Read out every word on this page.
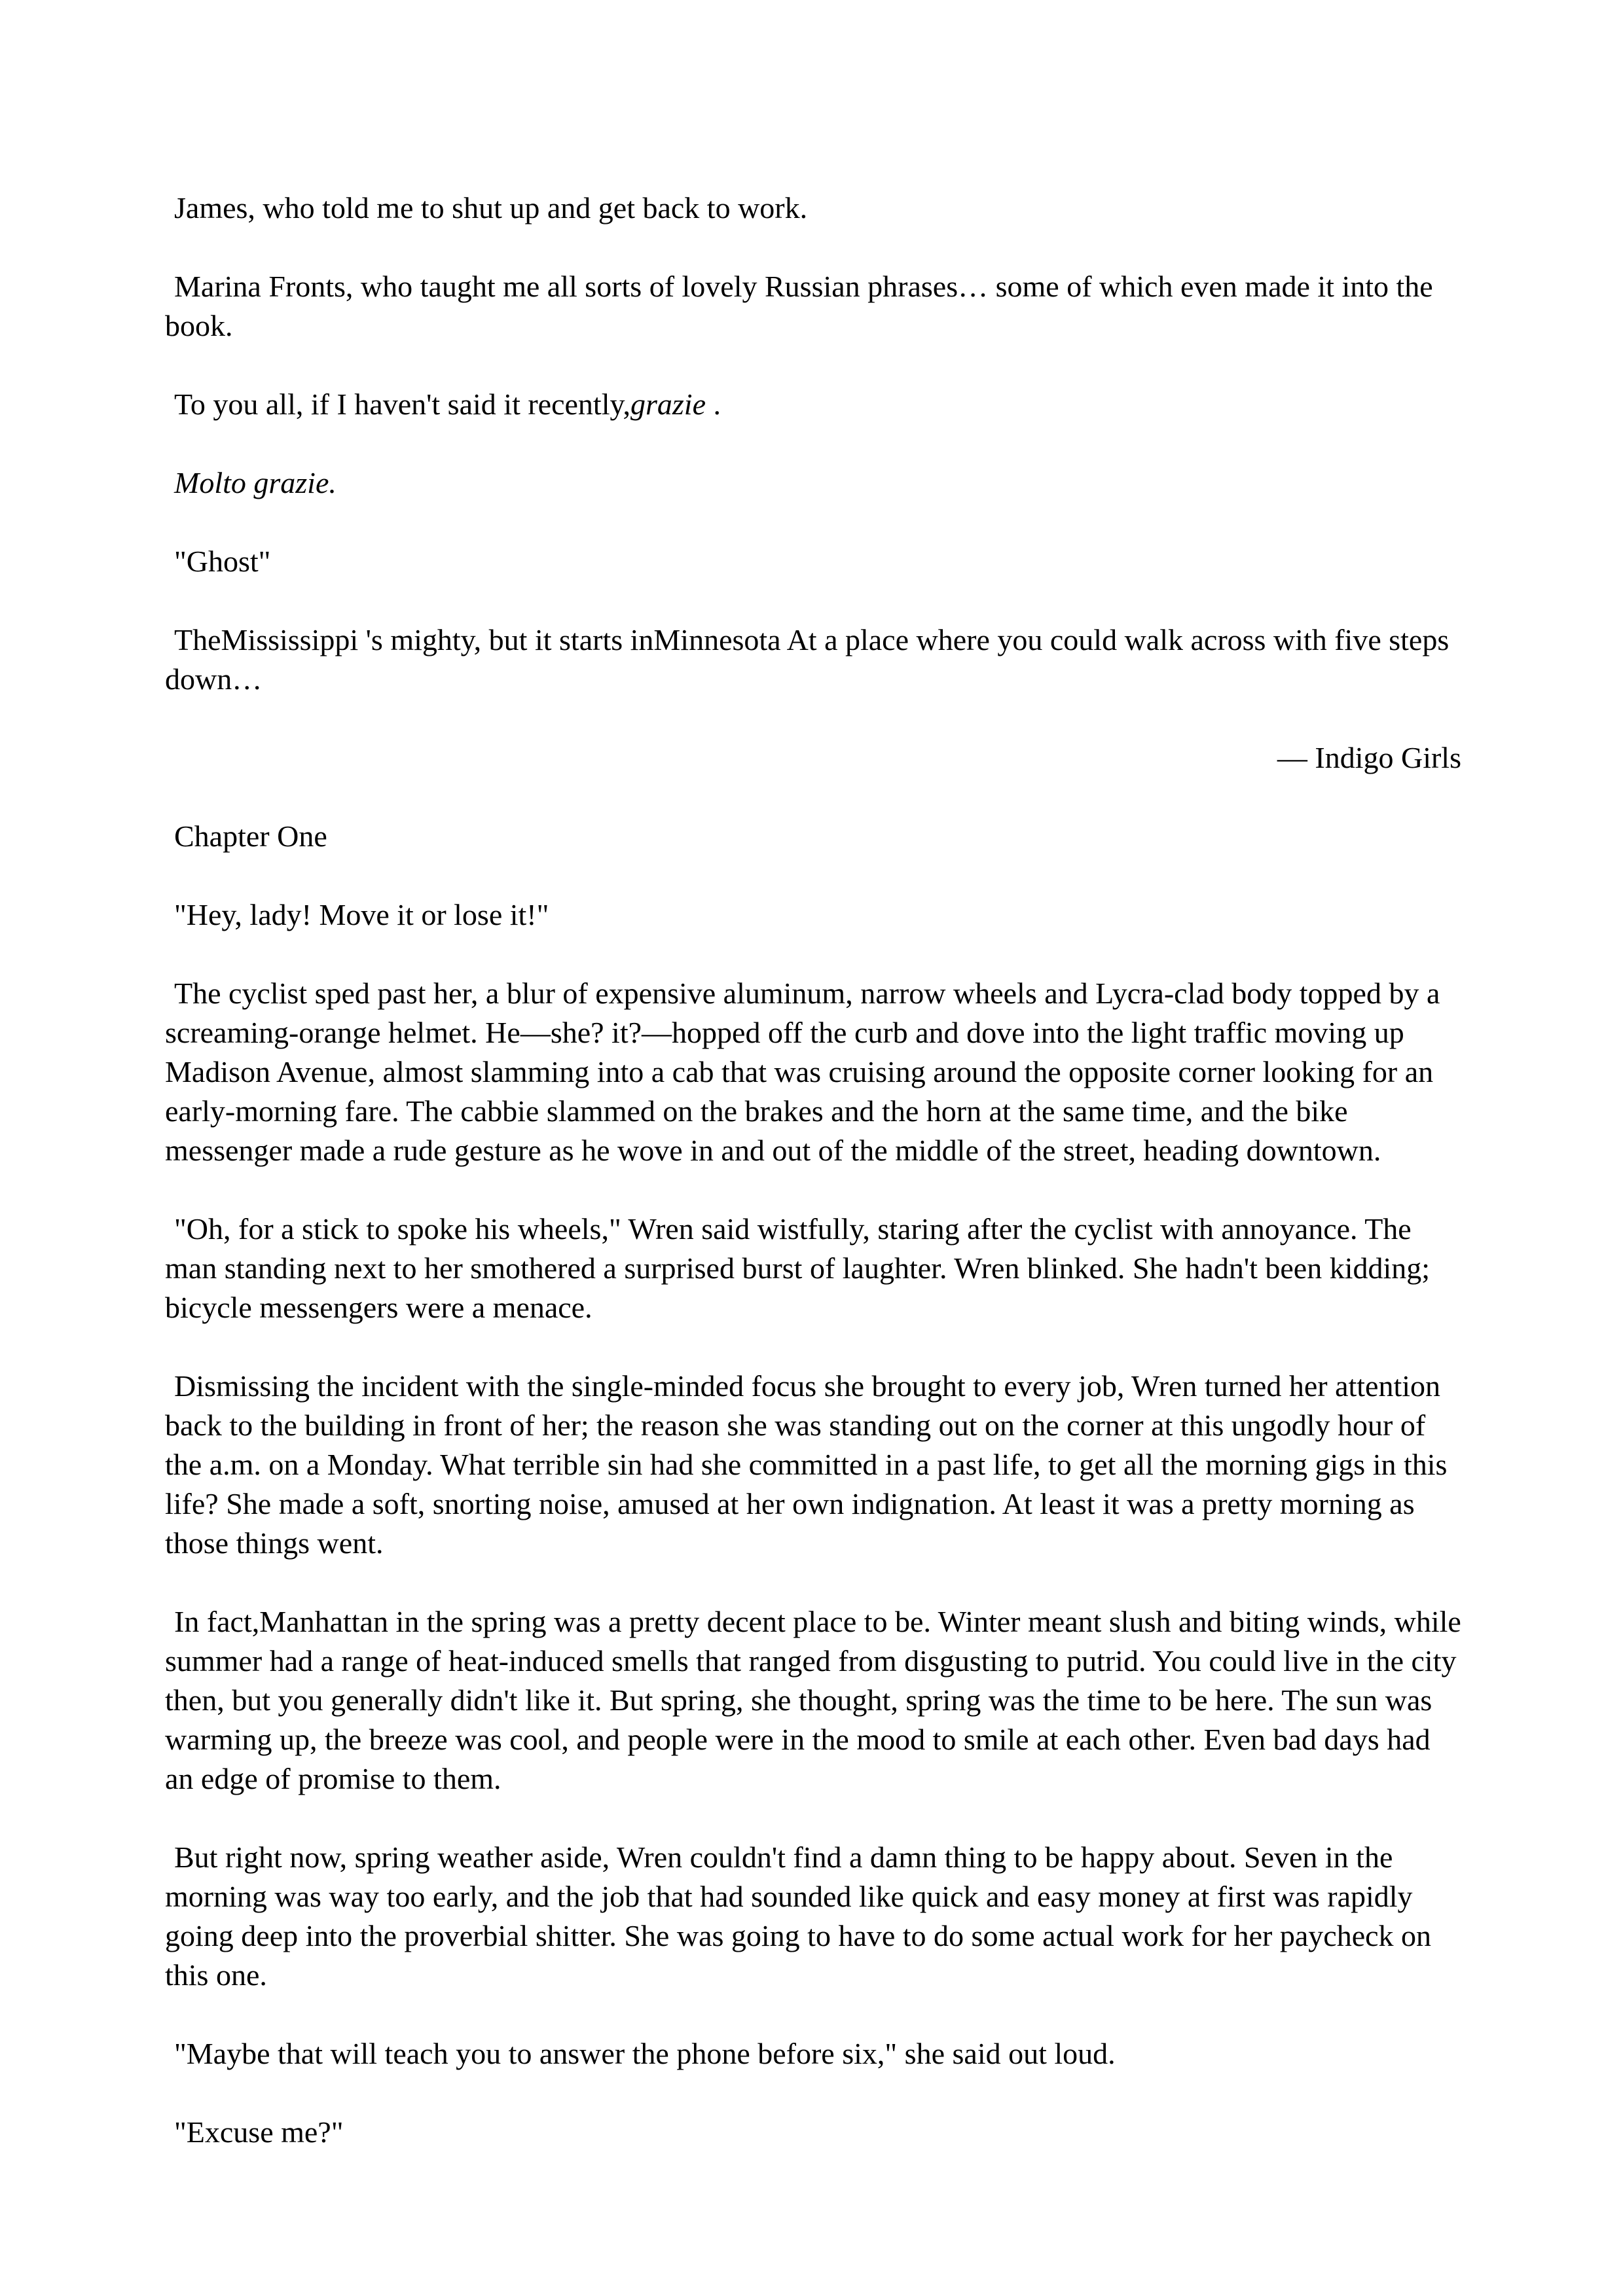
James, who told me to shut up and get back to work.

Marina Fronts, who taught me all sorts of lovely Russian phrases… some of which even made it into the book.

To you all, if I haven't said it recently,grazie .

Molto grazie.

"Ghost"

TheMississippi 's mighty, but it starts inMinnesota At a place where you could walk across with five steps down…

— Indigo Girls

Chapter One

"Hey, lady! Move it or lose it!"

The cyclist sped past her, a blur of expensive aluminum, narrow wheels and Lycra-clad body topped by a screaming-orange helmet. He—she? it?—hopped off the curb and dove into the light traffic moving up Madison Avenue, almost slamming into a cab that was cruising around the opposite corner looking for an early-morning fare. The cabbie slammed on the brakes and the horn at the same time, and the bike messenger made a rude gesture as he wove in and out of the middle of the street, heading downtown.

"Oh, for a stick to spoke his wheels," Wren said wistfully, staring after the cyclist with annoyance. The man standing next to her smothered a surprised burst of laughter. Wren blinked. She hadn't been kidding; bicycle messengers were a menace.

Dismissing the incident with the single-minded focus she brought to every job, Wren turned her attention back to the building in front of her; the reason she was standing out on the corner at this ungodly hour of the a.m. on a Monday. What terrible sin had she committed in a past life, to get all the morning gigs in this life? She made a soft, snorting noise, amused at her own indignation. At least it was a pretty morning as those things went.

In fact,Manhattan in the spring was a pretty decent place to be. Winter meant slush and biting winds, while summer had a range of heat-induced smells that ranged from disgusting to putrid. You could live in the city then, but you generally didn't like it. But spring, she thought, spring was the time to be here. The sun was warming up, the breeze was cool, and people were in the mood to smile at each other. Even bad days had an edge of promise to them.

But right now, spring weather aside, Wren couldn't find a damn thing to be happy about. Seven in the morning was way too early, and the job that had sounded like quick and easy money at first was rapidly going deep into the proverbial shitter. She was going to have to do some actual work for her paycheck on this one.

"Maybe that will teach you to answer the phone before six," she said out loud.

"Excuse me?"
